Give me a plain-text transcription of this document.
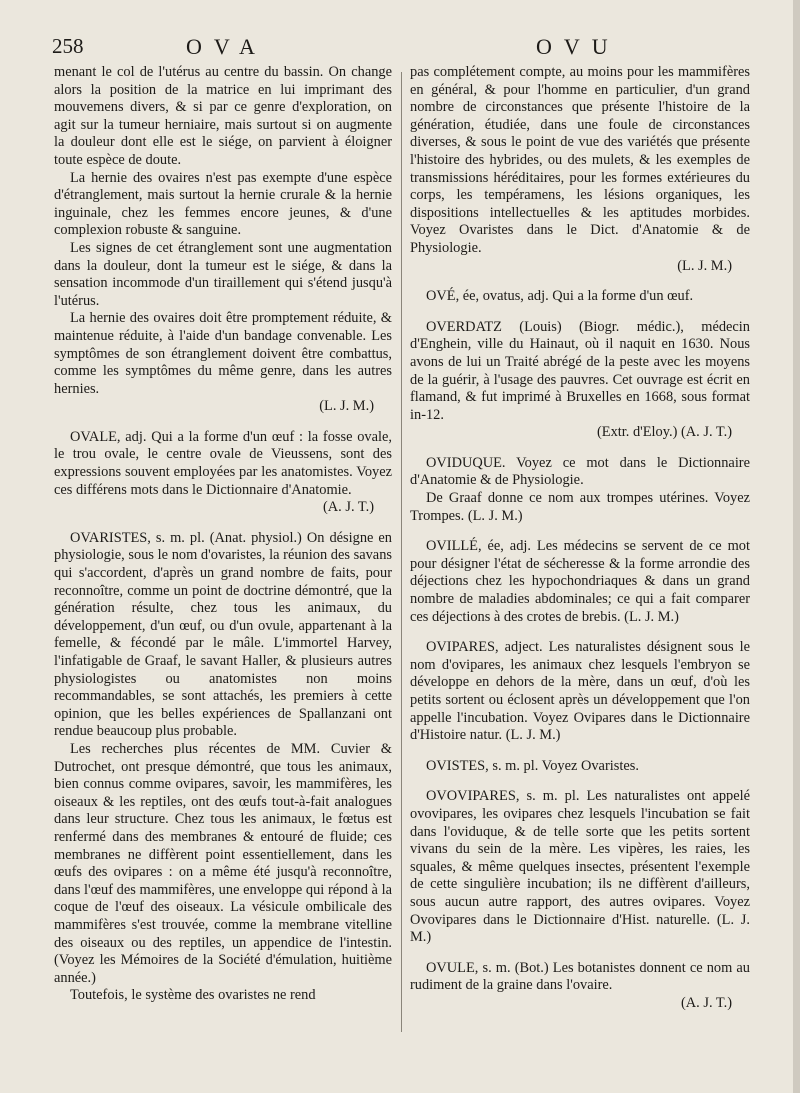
258	OVA	OVU

menant le col de l'utérus au centre du bassin. On change alors la position de la matrice en lui imprimant des mouvemens divers, & si par ce genre d'exploration, on agit sur la tumeur herniaire, mais surtout si on augmente la douleur dont elle est le siége, on parvient à éloigner toute espèce de doute.

La hernie des ovaires n'est pas exempte d'une espèce d'étranglement, mais surtout la hernie crurale & la hernie inguinale, chez les femmes encore jeunes, & d'une complexion robuste & sanguine.

Les signes de cet étranglement sont une augmentation dans la douleur, dont la tumeur est le siége, & dans la sensation incommode d'un tiraillement qui s'étend jusqu'à l'utérus.

La hernie des ovaires doit être promptement réduite, & maintenue réduite, à l'aide d'un bandage convenable. Les symptômes de son étranglement doivent être combattus, comme les symptômes du même genre, dans les autres hernies.

(L. J. M.)

OVALE, adj. Qui a la forme d'un œuf : la fosse ovale, le trou ovale, le centre ovale de Vieussens, sont des expressions souvent employées par les anatomistes. Voyez ces différens mots dans le Dictionnaire d'Anatomie.

(A. J. T.)

OVARISTES, s. m. pl. (Anat. physiol.) On désigne en physiologie, sous le nom d'ovaristes, la réunion des savans qui s'accordent, d'après un grand nombre de faits, pour reconnoître, comme un point de doctrine démontré, que la génération résulte, chez tous les animaux, du développement, d'un œuf, ou d'un ovule, appartenant à la femelle, & fécondé par le mâle. L'immortel Harvey, l'infatigable de Graaf, le savant Haller, & plusieurs autres physiologistes ou anatomistes non moins recommandables, se sont attachés, les premiers à cette opinion, que les belles expériences de Spallanzani ont rendue beaucoup plus probable.

Les recherches plus récentes de MM. Cuvier & Dutrochet, ont presque démontré, que tous les animaux, bien connus comme ovipares, savoir, les mammifères, les oiseaux & les reptiles, ont des œufs tout-à-fait analogues dans leur structure. Chez tous les animaux, le fœtus est renfermé dans des membranes & entouré de fluide; ces membranes ne diffèrent point essentiellement, dans les œufs des ovipares : on a même été jusqu'à reconnoître, dans l'œuf des mammifères, une enveloppe qui répond à la coque de l'œuf des oiseaux. La vésicule ombilicale des mammifères s'est trouvée, comme la membrane vitelline des oiseaux ou des reptiles, un appendice de l'intestin. (Voyez les Mémoires de la Société d'émulation, huitième année.)

Toutefois, le système des ovaristes ne rend

pas complétement compte, au moins pour les mammifères en général, & pour l'homme en particulier, d'un grand nombre de circonstances que présente l'histoire de la génération, étudiée, dans une foule de circonstances diverses, & sous le point de vue des variétés que présente l'histoire des hybrides, ou des mulets, & les exemples de transmissions héréditaires, pour les formes extérieures du corps, les tempéramens, les lésions organiques, les dispositions intellectuelles & les aptitudes morbides. Voyez Ovaristes dans le Dict. d'Anatomie & de Physiologie.

(L. J. M.)

OVÉ, ée, ovatus, adj. Qui a la forme d'un œuf.

OVERDATZ (Louis) (Biogr. médic.), médecin d'Enghein, ville du Hainaut, où il naquit en 1630. Nous avons de lui un Traité abrégé de la peste avec les moyens de la guérir, à l'usage des pauvres. Cet ouvrage est écrit en flamand, & fut imprimé à Bruxelles en 1668, sous format in-12.

(Extr. d'Eloy.) (A. J. T.)

OVIDUQUE. Voyez ce mot dans le Dictionnaire d'Anatomie & de Physiologie.

De Graaf donne ce nom aux trompes utérines. Voyez Trompes. (L. J. M.)

OVILLÉ, ée, adj. Les médecins se servent de ce mot pour désigner l'état de sécheresse & la forme arrondie des déjections chez les hypochondriaques & dans un grand nombre de maladies abdominales; ce qui a fait comparer ces déjections à des crotes de brebis. (L. J. M.)

OVIPARES, adject. Les naturalistes désignent sous le nom d'ovipares, les animaux chez lesquels l'embryon se développe en dehors de la mère, dans un œuf, d'où les petits sortent ou éclosent après un développement que l'on appelle l'incubation. Voyez Ovipares dans le Dictionnaire d'Histoire natur. (L. J. M.)

OVISTES, s. m. pl. Voyez Ovaristes.

OVOVIPARES, s. m. pl. Les naturalistes ont appelé ovovipares, les ovipares chez lesquels l'incubation se fait dans l'oviduque, & de telle sorte que les petits sortent vivans du sein de la mère. Les vipères, les raies, les squales, & même quelques insectes, présentent l'exemple de cette singulière incubation; ils ne diffèrent d'ailleurs, sous aucun autre rapport, des autres ovipares. Voyez Ovovipares dans le Dictionnaire d'Hist. naturelle. (L. J. M.)

OVULE, s. m. (Bot.) Les botanistes donnent ce nom au rudiment de la graine dans l'ovaire.

(A. J. T.)
